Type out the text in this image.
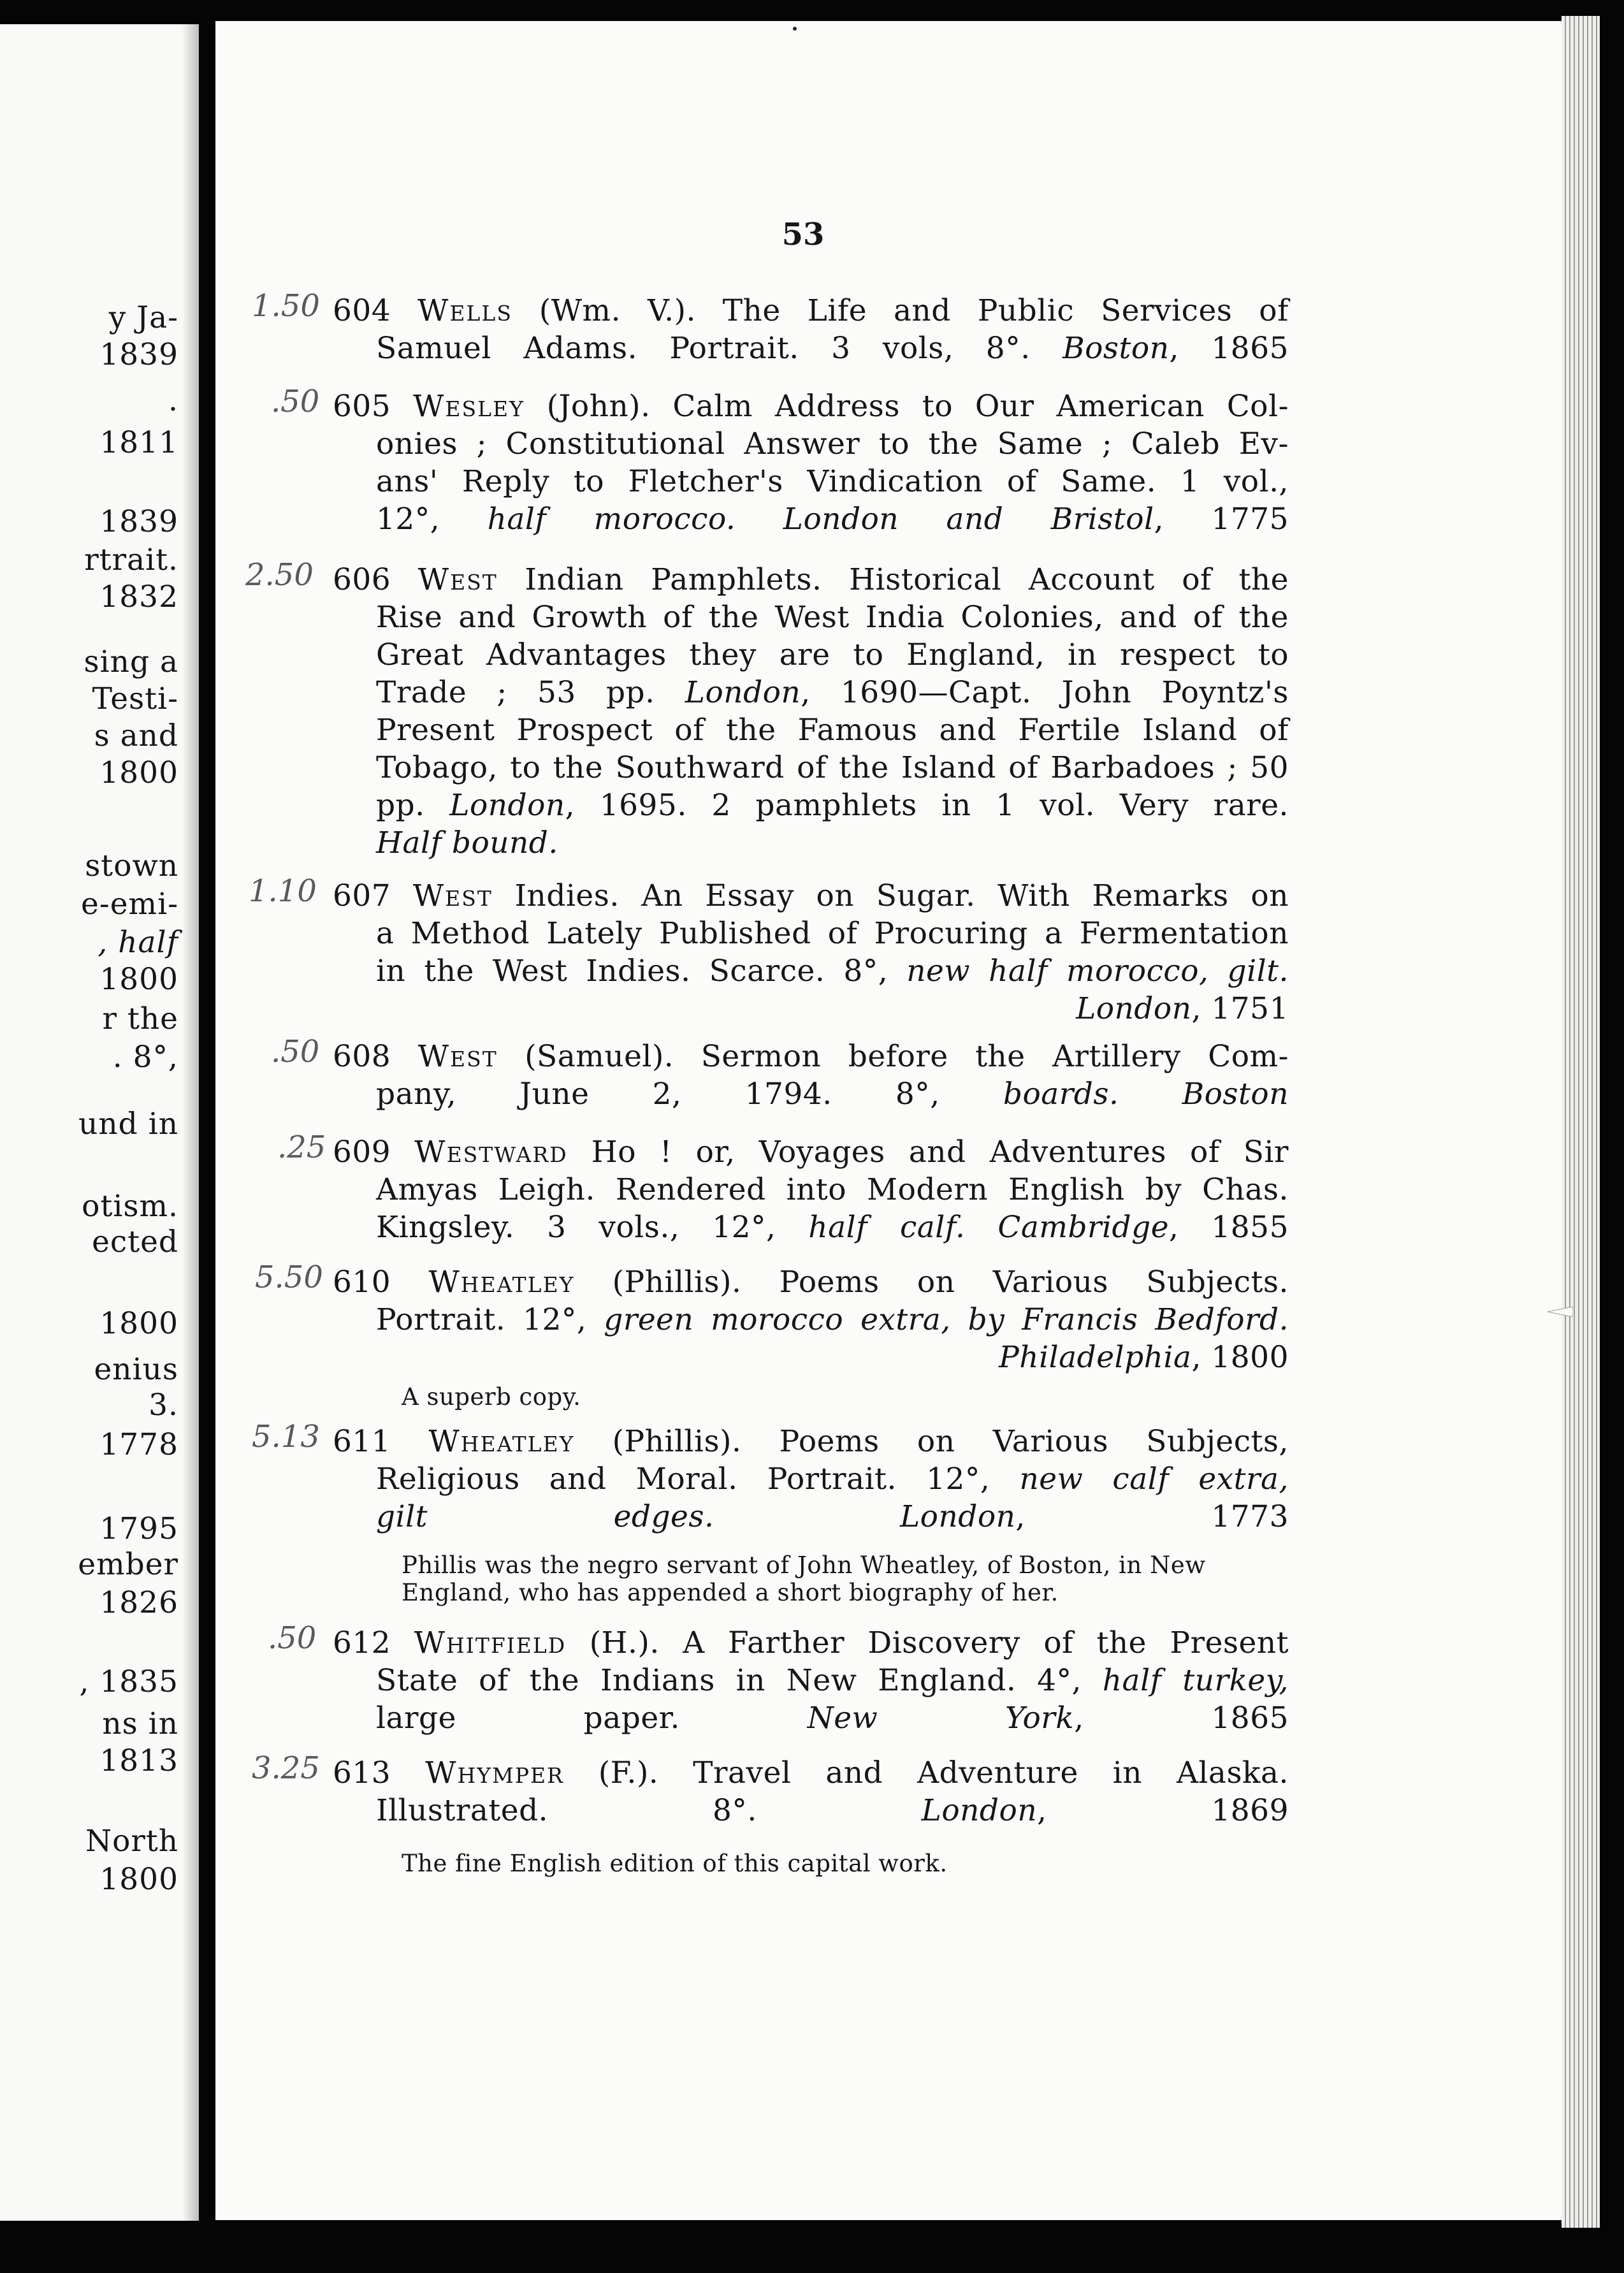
y Ja-
1839
.
1811
1839
rtrait.
1832
sing a
Testi-
s and
1800
stown
e-emi-
, half
1800
r the
. 8°,
und in
otism.
ected
1800
enius
3.
1778
1795
ember
1826
, 1835
ns in
1813
North
1800
53
1.50 604 Wells (Wm. V.). The Life and Public Services of
Samuel Adams. Portrait. 3 vols, 8°. Boston, 1865
.50 605 Wesley (John). Calm Address to Our American Col-
onies ; Constitutional Answer to the Same ; Caleb Ev-
ans' Reply to Fletcher's Vindication of Same. 1 vol.,
12°, half morocco. London and Bristol, 1775
2.50 606 West Indian Pamphlets. Historical Account of the
Rise and Growth of the West India Colonies, and of the
Great Advantages they are to England, in respect to
Trade ; 53 pp. London, 1690—Capt. John Poyntz's
Present Prospect of the Famous and Fertile Island of
Tobago, to the Southward of the Island of Barbadoes ; 50
pp. London, 1695. 2 pamphlets in 1 vol. Very rare.
Half bound.
1.10 607 West Indies. An Essay on Sugar. With Remarks on
a Method Lately Published of Procuring a Fermentation
in the West Indies. Scarce. 8°, new half morocco, gilt.
London, 1751
.50 608 West (Samuel). Sermon before the Artillery Com-
pany, June 2, 1794. 8°, boards. Boston
.25 609 Westward Ho ! or, Voyages and Adventures of Sir
Amyas Leigh. Rendered into Modern English by Chas.
Kingsley. 3 vols., 12°, half calf. Cambridge, 1855
5.50 610 Wheatley (Phillis). Poems on Various Subjects.
Portrait. 12°, green morocco extra, by Francis Bedford.
Philadelphia, 1800
5.13 611 Wheatley (Phillis). Poems on Various Subjects,
Religious and Moral. Portrait. 12°, new calf extra,
gilt edges.	London, 1773
.50 612 Whitfield (H.). A Farther Discovery of the Present
State of the Indians in New England. 4°, half turkey,
large paper. New York, 1865
3.25 613 Whymper (F.). Travel and Adventure in Alaska.
Illustrated. 8°. London, 1869
A superb copy.
Phillis was the negro servant of John Wheatley, of Boston, in New
England, who has appended a short biography of her.
The fine English edition of this capital work.
